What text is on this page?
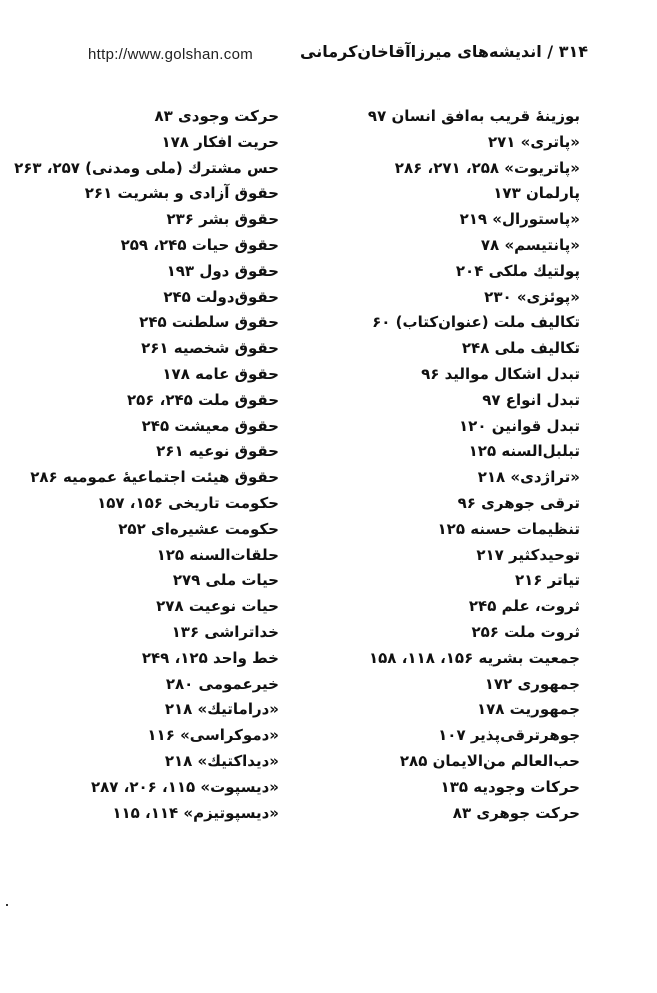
http://www.golshan.com	۳۱۴ / اندیشه‌های میرزاآقاخان‌کرمانی
بوزینهٔ قریب به‌افق انسان ۹۷
«پاتری» ۲۷۱
«پاتریوت» ۲۵۸، ۲۷۱، ۲۸۶
پارلمان ۱۷۳
«پاستورال» ۲۱۹
«پانتیسم» ۷۸
پولتیك ملکی ۲۰۴
«پوئزی» ۲۳۰
تکالیف ملت (عنوان‌کتاب) ۶۰
تکالیف ملی ۲۴۸
تبدل اشکال موالید ۹۶
تبدل انواع ۹۷
تبدل قوانین ۱۲۰
تبلبل‌السنه ۱۲۵
«تراژدی» ۲۱۸
ترقی جوهری ۹۶
تنظیمات حسنه ۱۲۵
توحیدکثیر ۲۱۷
تیاتر ۲۱۶
ثروت، علم ۲۴۵
ثروت ملت ۲۵۶
جمعیت بشریه ۱۵۶، ۱۱۸، ۱۵۸
جمهوری ۱۷۲
جمهوریت ۱۷۸
جوهرترقی‌پذیر ۱۰۷
حب‌العالم من‌الایمان ۲۸۵
حرکات وجودیه ۱۳۵
حرکت جوهری ۸۳
حرکت وجودی ۸۳
حریت افکار ۱۷۸
حس مشترك (ملی ومدنی) ۲۵۷، ۲۶۳
حقوق آزادی و بشریت ۲۶۱
حقوق بشر ۲۳۶
حقوق حیات ۲۴۵، ۲۵۹
حقوق دول ۱۹۳
حقوق‌دولت ۲۴۵
حقوق سلطنت ۲۴۵
حقوق شخصیه ۲۶۱
حقوق عامه ۱۷۸
حقوق ملت ۲۴۵، ۲۵۶
حقوق معیشت ۲۴۵
حقوق نوعیه ۲۶۱
حقوق هیئت اجتماعیهٔ عمومیه ۲۸۶
حکومت تاریخی ۱۵۶، ۱۵۷
حکومت عشیره‌ای ۲۵۲
حلقات‌السنه ۱۲۵
حیات ملی ۲۷۹
حیات نوعیت ۲۷۸
خداتراشی ۱۳۶
خط واحد ۱۲۵، ۲۴۹
خیرعمومی ۲۸۰
«دراماتیك» ۲۱۸
«دموکراسی» ۱۱۶
«دیداکتیك» ۲۱۸
«دیسپوت» ۱۱۵، ۲۰۶، ۲۸۷
«دیسپوتیزم» ۱۱۴، ۱۱۵
